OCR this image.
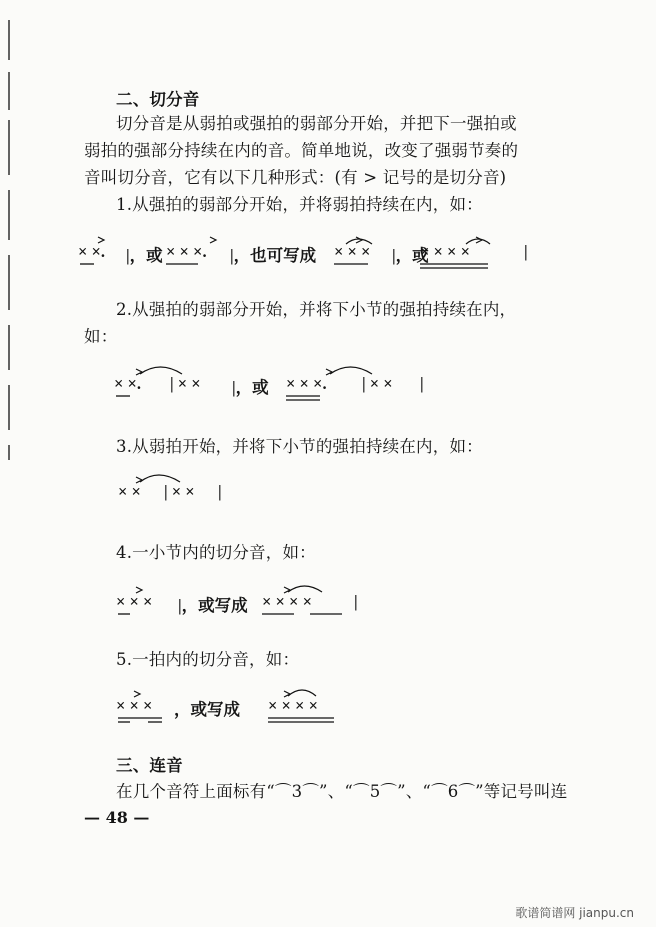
二、切分音
切分音是从弱拍或强拍的弱部分开始，并把下一强拍或
弱拍的强部分持续在内的音。简单地说，改变了强弱节奏的
音叫切分音，它有以下几种形式：(有 > 记号的是切分音)
1.从强拍的弱部分开始，并将弱拍持续在内，如：
× ×. |，或 × × ×. |，也可写成 × × × |，或
× × × ×	|
2.从强拍的弱部分开始，并将下小节的强拍持续在内，
如：
× ×. | × × |，或 × × ×. | × × |
3.从弱拍开始，并将下小节的强拍持续在内，如：
× × | × × |
4.一小节内的切分音，如：
× × × |，或写成 × × × ×	|
5.一拍内的切分音，如：
× × × ，或写成 × × × ×
三、连音
在几个音符上面标有“⌒3⌒”、“⌒5⌒”、“⌒6⌒”等记号叫连
— 48 —
歌谱简谱网 jianpu.cn
